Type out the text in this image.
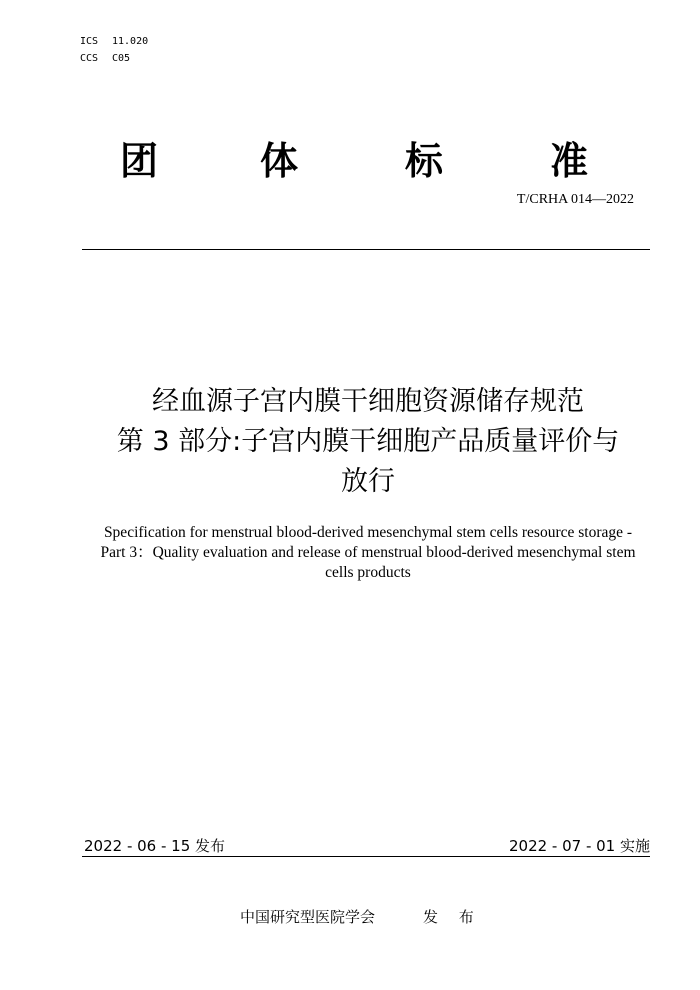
ICS 11.020
CCS C05
团	体	标	准
T/CRHA 014—2022
经血源子宫内膜干细胞资源储存规范
第 3 部分:子宫内膜干细胞产品质量评价与
放行
Specification for menstrual blood-derived mesenchymal stem cells resource storage -
Part 3：Quality evaluation and release of menstrual blood-derived mesenchymal stem
cells products
2022 - 06 - 15 发布	2022 - 07 - 01 实施
中国研究型医院学会	发 布
